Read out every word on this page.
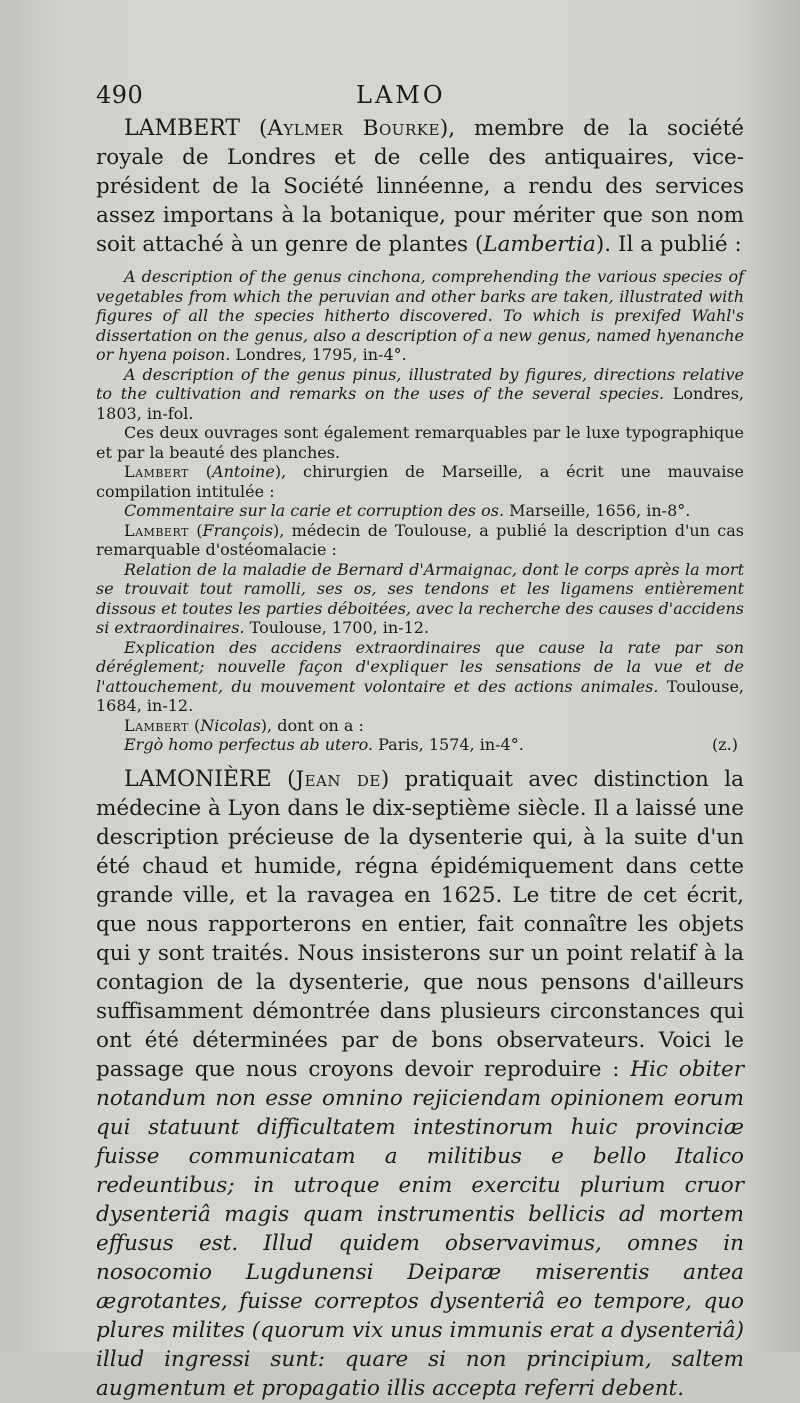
490	LAMO

LAMBERT (Aylmer Bourke), membre de la société royale de Londres et de celle des antiquaires, vice-président de la Société linnéenne, a rendu des services assez importans à la botanique, pour mériter que son nom soit attaché à un genre de plantes (Lambertia). Il a publié :

A description of the genus cinchona, comprehending the various species of vegetables from which the peruvian and other barks are taken, illustrated with figures of all the species hitherto discovered. To which is prexifed Wahl's dissertation on the genus, also a description of a new genus, named hyenanche or hyena poison. Londres, 1795, in-4°.

A description of the genus pinus, illustrated by figures, directions relative to the cultivation and remarks on the uses of the several species. Londres, 1803, in-fol.

Ces deux ouvrages sont également remarquables par le luxe typographique et par la beauté des planches.

Lambert (Antoine), chirurgien de Marseille, a écrit une mauvaise compilation intitulée :

Commentaire sur la carie et corruption des os. Marseille, 1656, in-8°.

Lambert (François), médecin de Toulouse, a publié la description d'un cas remarquable d'ostéomalacie :

Relation de la maladie de Bernard d'Armaignac, dont le corps après la mort se trouvait tout ramolli, ses os, ses tendons et les ligamens entièrement dissous et toutes les parties déboitées, avec la recherche des causes d'accidens si extraordinaires. Toulouse, 1700, in-12.

Explication des accidens extraordinaires que cause la rate par son déréglement; nouvelle façon d'expliquer les sensations de la vue et de l'attouchement, du mouvement volontaire et des actions animales. Toulouse, 1684, in-12.

Lambert (Nicolas), dont on a :

Ergò homo perfectus ab utero. Paris, 1574, in-4°.	(z.)

LAMONIÈRE (Jean de) pratiquait avec distinction la médecine à Lyon dans le dix-septième siècle. Il a laissé une description précieuse de la dysenterie qui, à la suite d'un été chaud et humide, régna épidémiquement dans cette grande ville, et la ravagea en 1625. Le titre de cet écrit, que nous rapporterons en entier, fait connaître les objets qui y sont traités. Nous insisterons sur un point relatif à la contagion de la dysenterie, que nous pensons d'ailleurs suffisamment démontrée dans plusieurs circonstances qui ont été déterminées par de bons observateurs. Voici le passage que nous croyons devoir reproduire : Hic obiter notandum non esse omnino rejiciendam opinionem eorum qui statuunt difficultatem intestinorum huic provinciæ fuisse communicatam a militibus e bello Italico redeuntibus; in utroque enim exercitu plurium cruor dysenteriâ magis quam instrumentis bellicis ad mortem effusus est. Illud quidem observavimus, omnes in nosocomio Lugdunensi Deiparæ miserentis antea ægrotantes, fuisse correptos dysenteriâ eo tempore, quo plures milites (quorum vix unus immunis erat a dysenteriâ) illud ingressi sunt: quare si non principium, saltem augmentum et propagatio illis accepta referri debent.
